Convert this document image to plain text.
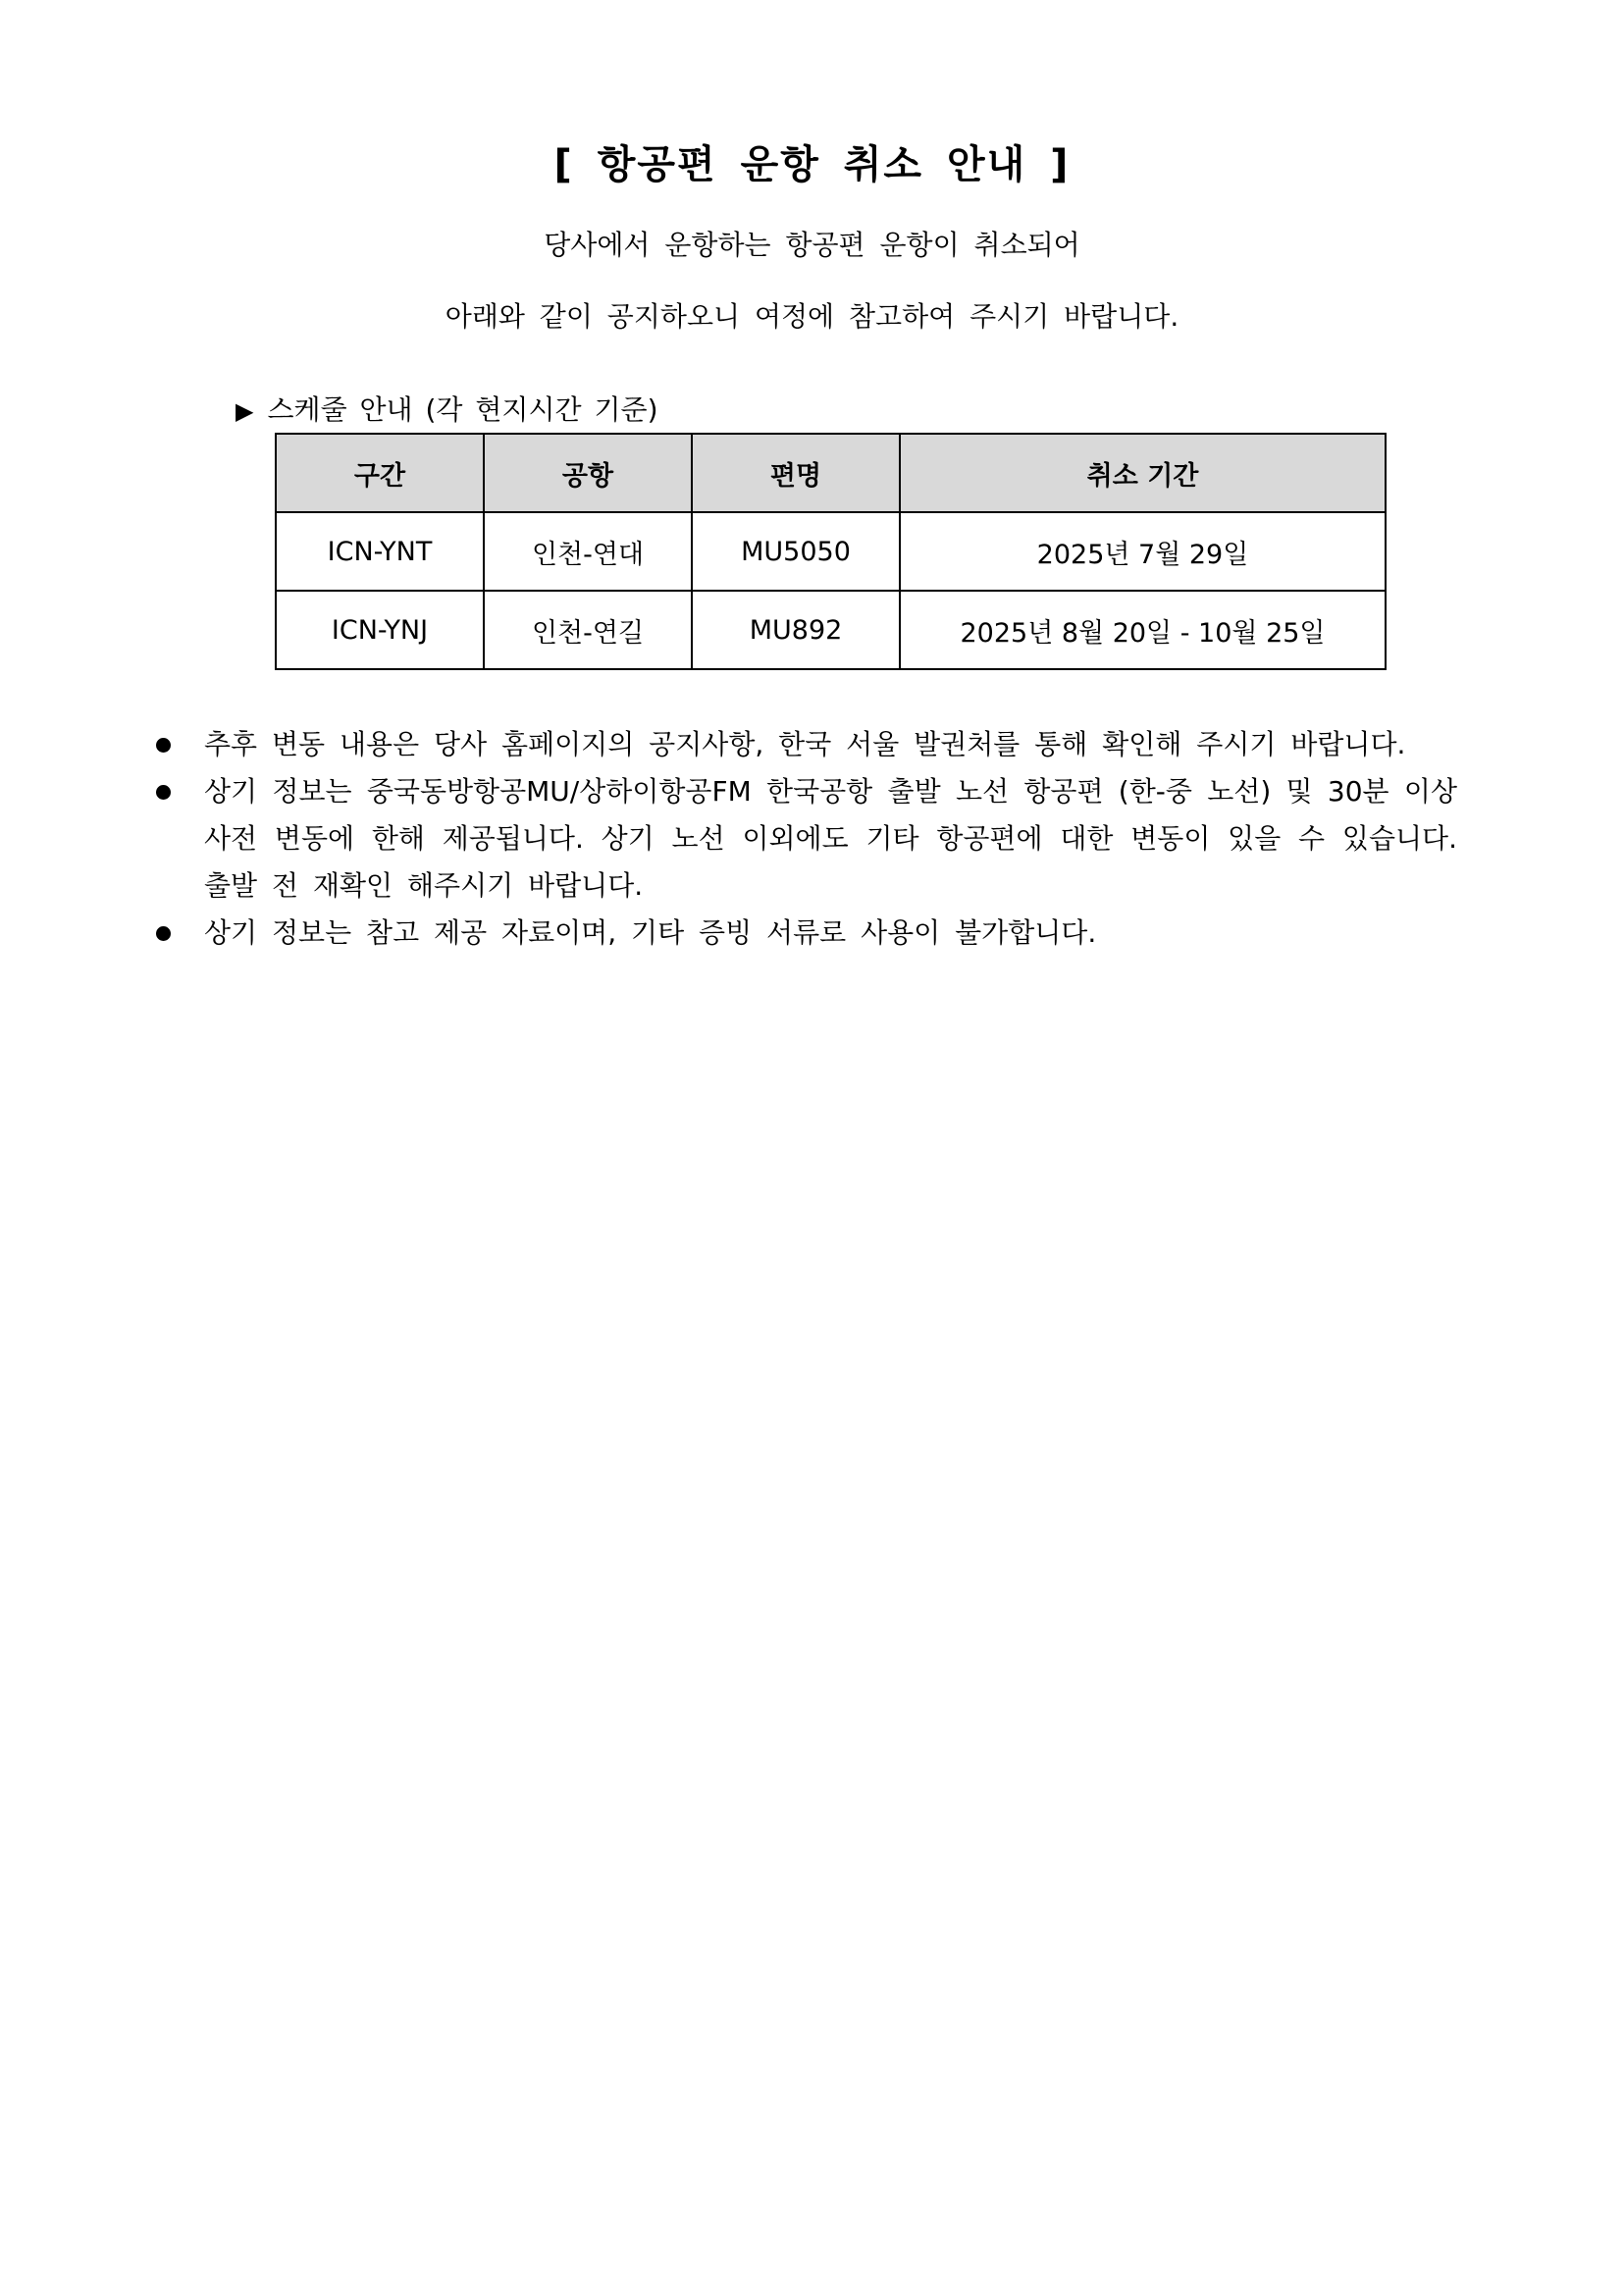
[ 항공편 운항 취소 안내 ]
당사에서 운항하는 항공편 운항이 취소되어
아래와 같이 공지하오니 여정에 참고하여 주시기 바랍니다.
▶ 스케줄 안내 (각 현지시간 기준)
구간	공항	편명	취소 기간
ICN-YNT	인천-연대	MU5050	2025년 7월 29일
ICN-YNJ	인천-연길	MU892	2025년 8월 20일 - 10월 25일
추후 변동 내용은 당사 홈페이지의 공지사항, 한국 서울 발권처를 통해 확인해 주시기 바랍니다.
상기 정보는 중국동방항공MU/상하이항공FM 한국공항 출발 노선 항공편 (한-중 노선) 및 30분 이상 사전 변동에 한해 제공됩니다. 상기 노선 이외에도 기타 항공편에 대한 변동이 있을 수 있습니다. 출발 전 재확인 해주시기 바랍니다.
상기 정보는 참고 제공 자료이며, 기타 증빙 서류로 사용이 불가합니다.
